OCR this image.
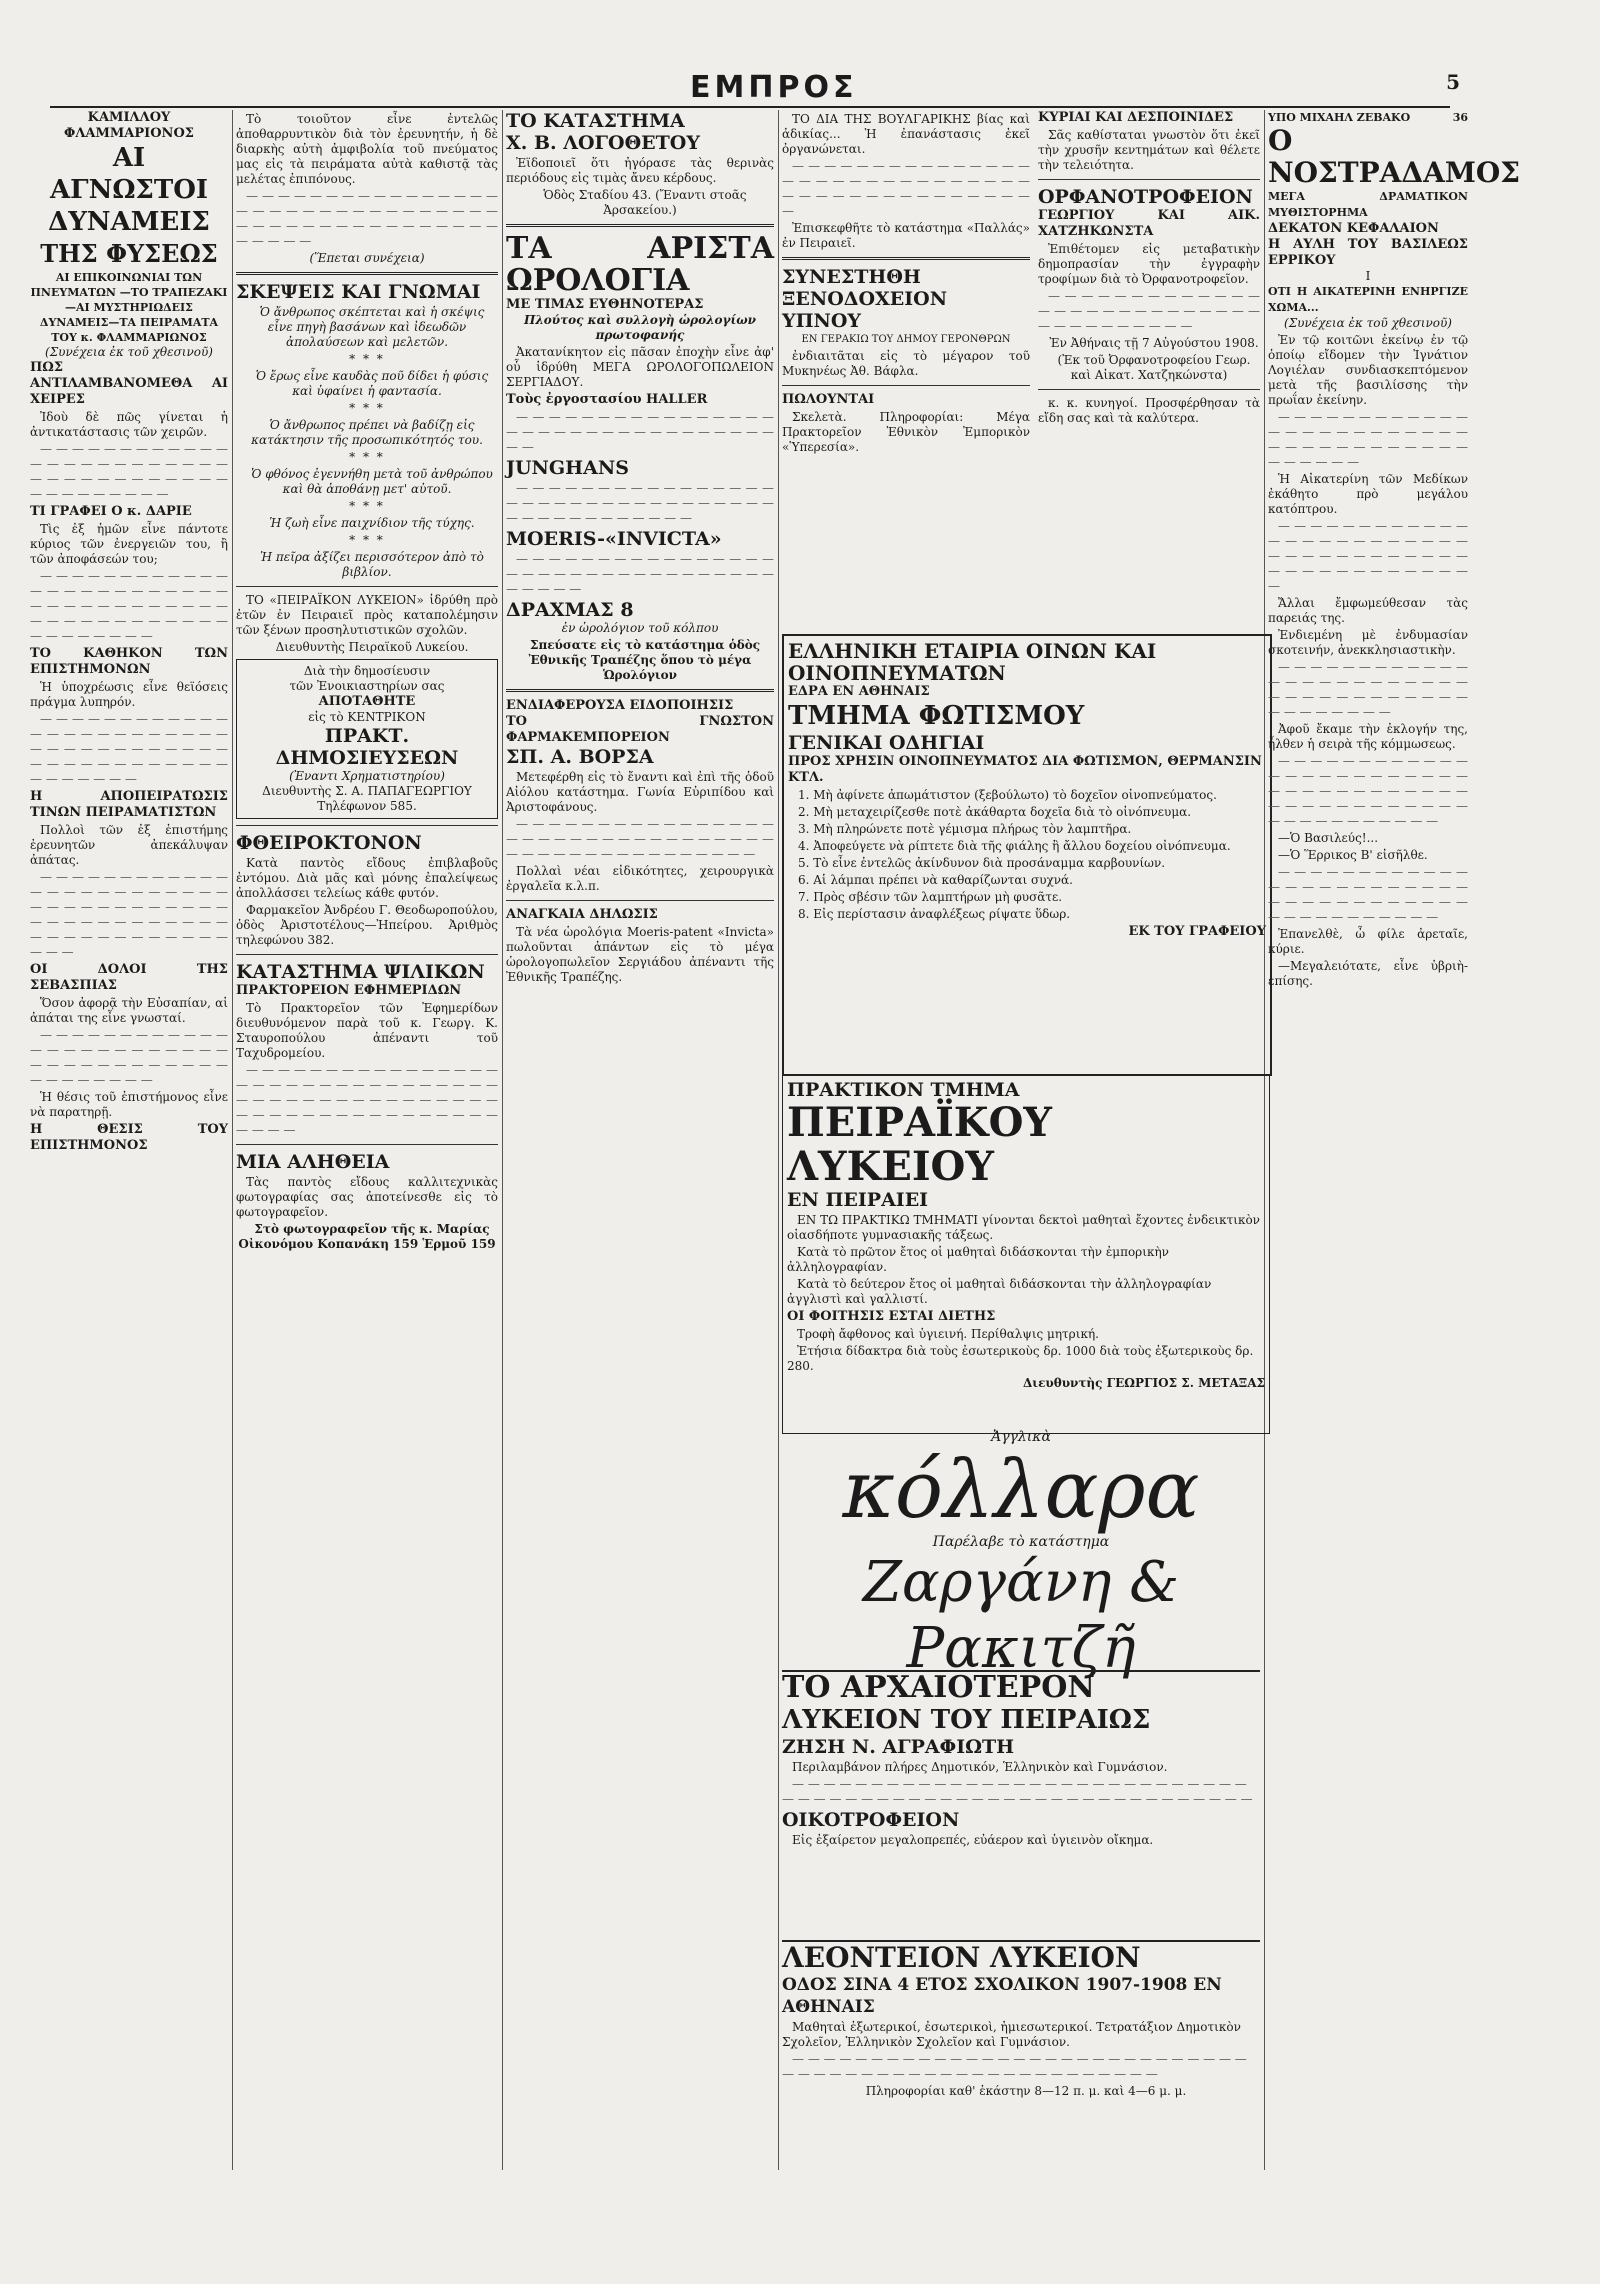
ΕΜΠΡΟΣ	5
ΚΑΜΙΛΛΟΥ ΦΛΑΜΜΑΡΙΟΝΟΣ
ΑΙ ΑΓΝΩΣΤΟΙ ΔΥΝΑΜΕΙΣ
ΤΗΣ ΦΥΣΕΩΣ
ΑΙ ΕΠΙΚΟΙΝΩΝΙΑΙ ΤΩΝ ΠΝΕΥΜΑΤΩΝ —ΤΟ ΤΡΑΠΕΖΑΚΙ—ΑΙ ΜΥΣΤΗΡΙΩΔΕΙΣ ΔΥΝΑΜΕΙΣ—ΤΑ ΠΕΙΡΑΜΑΤΑ ΤΟΥ κ. ΦΛΑΜΜΑΡΙΩΝΟΣ
(Συνέχεια ἐκ τοῦ χθεσινοῦ)
ΠΩΣ ΑΝΤΙΛΑΜΒΑΝΟΜΕΘΑ ΑΙ ΧΕΙΡΕΣ

Ἰδοὺ δὲ πῶς γίνεται ἡ ἀντικατάστασις τῶν χειρῶν.

— — — — — — — — — — — — — — — — — — — — — — — — — — — — — — — — — — — — — — — — — — — — —

ΤΙ ΓΡΑΦΕΙ Ο κ. ΔΑΡΙΕ

Τὶς ἐξ ἡμῶν εἶνε πάντοτε κύριος τῶν ἐνεργειῶν του, ἢ τῶν ἀποφάσεών του;

— — — — — — — — — — — — — — — — — — — — — — — — — — — — — — — — — — — — — — — — — — — — — — — — — — — — — — — —

ΤΟ ΚΑΘΗΚΟΝ ΤΩΝ ΕΠΙΣΤΗΜΟΝΩΝ

Ἡ ὑποχρέωσις εἶνε θεϊόσεις πράγμα λυπηρόν.

— — — — — — — — — — — — — — — — — — — — — — — — — — — — — — — — — — — — — — — — — — — — — — — — — — — — — — —

Η ΑΠΟΠΕΙΡΑΤΩΣΙΣ ΤΙΝΩΝ ΠΕΙΡΑΜΑΤΙΣΤΩΝ

Πολλοὶ τῶν ἐξ ἐπιστήμης ἐρευνητῶν ἀπεκάλυψαν ἀπάτας.

— — — — — — — — — — — — — — — — — — — — — — — — — — — — — — — — — — — — — — — — — — — — — — — — — — — — — — — — — — — — — — —

ΟΙ ΔΟΛΟΙ ΤΗΣ ΣΕΒΑΣΠΙΑΣ

Ὅσον ἀφορᾷ τὴν Εὐσαπίαν, αἱ ἀπάται της εἶνε γνωσταί.

— — — — — — — — — — — — — — — — — — — — — — — — — — — — — — — — — — — — — — — — — — — —

Ἡ θέσις τοῦ ἐπιστήμονος εἶνε νὰ παρατηρῇ.

Η ΘΕΣΙΣ ΤΟΥ ΕΠΙΣΤΗΜΟΝΟΣ

Τὸ τοιοῦτον εἶνε ἐντελῶς ἀποθαρρυντικὸν διὰ τὸν ἐρευνητήν, ἡ δὲ διαρκὴς αὐτὴ ἀμφιβολία τοῦ πνεύματος μας εἰς τὰ πειράματα αὐτὰ καθιστᾷ τὰς μελέτας ἐπιπόνους.

— — — — — — — — — — — — — — — — — — — — — — — — — — — — — — — — — — — — — — — — — — — — — — — — — — — — —

(Ἕπεται συνέχεια)
ΣΚΕΨΕΙΣ ΚΑΙ ΓΝΩΜΑΙ

Ὁ ἄνθρωπος σκέπτεται καὶ ἡ σκέψις εἶνε πηγὴ βασάνων καὶ ἰδεωδῶν ἀπολαύσεων καὶ μελετῶν.

* * *

Ὁ ἔρως εἶνε καυδὰς ποῦ δίδει ἡ φύσις καὶ ὑφαίνει ἡ φαντασία.

* * *

Ὁ ἄνθρωπος πρέπει νὰ βαδίζῃ εἰς κατάκτησιν τῆς προσωπικότητός του.

* * *

Ὁ φθόνος ἐγεννήθη μετὰ τοῦ ἀνθρώπου καὶ θὰ ἀποθάνῃ μετ' αὐτοῦ.

* * *

Ἡ ζωὴ εἶνε παιχνίδιον τῆς τύχης.

* * *

Ἡ πεῖρα ἀξίζει περισσότερον ἀπὸ τὸ βιβλίον.

ΤΟ «ΠΕΙΡΑΪΚΟΝ ΛΥΚΕΙΟΝ» ἱδρύθη πρὸ ἐτῶν ἐν Πειραιεῖ πρὸς καταπολέμησιν τῶν ξένων προσηλυτιστικῶν σχολῶν.

Διευθυντὴς Πειραϊκοῦ Λυκείου.

Διὰ τὴν δημοσίευσιν
τῶν Ἐνοικιαστηρίων σας
ΑΠΟΤΑΘΗΤΕ
εἰς τὸ ΚΕΝΤΡΙΚΟΝ
ΠΡΑΚΤ. ΔΗΜΟΣΙΕΥΣΕΩΝ
(Ἐναντι Χρηματιστηρίου)
Διευθυντὴς Σ. Α. ΠΑΠΑΓΕΩΡΓΙΟΥ
Τηλέφωνον 585.
ΦΘΕΙΡΟΚΤΟΝΟΝ

Κατὰ παντὸς εἴδους ἐπιβλαβοῦς ἐντόμου. Διὰ μᾶς καὶ μόνης ἐπαλείψεως ἀπολλάσσει τελείως κάθε φυτόν.

Φαρμακεῖον Ἀνδρέου Γ. Θεοδωροπούλου, ὁδὸς Ἀριστοτέλους—Ἠπείρου. Ἀριθμὸς τηλεφώνου 382.

ΚΑΤΑΣΤΗΜΑ ΨΙΛΙΚΩΝ
ΠΡΑΚΤΟΡΕΙΟΝ ΕΦΗΜΕΡΙΔΩΝ

Τὸ Πρακτορεῖον τῶν Ἐφημερίδων διευθυνόμενον παρὰ τοῦ κ. Γεωργ. Κ. Σταυροπούλου ἀπέναντι τοῦ Ταχυδρομείου.

— — — — — — — — — — — — — — — — — — — — — — — — — — — — — — — — — — — — — — — — — — — — — — — — — — — — — — — — — — — — — — — — — — — —

ΜΙΑ ΑΛΗΘΕΙΑ

Τὰς παντὸς εἴδους καλλιτεχνικὰς φωτογραφίας σας ἀποτείνεσθε εἰς τὸ φωτογραφεῖον.

Στὸ φωτογραφεῖον τῆς κ. Μαρίας Οἰκονόμου Κοπανάκη 159 Ἑρμοῦ 159

ΤΟ ΚΑΤΑΣΤΗΜΑ
Χ. Β. ΛΟΓΟΘΕΤΟΥ

Ἐϊδοποιεῖ ὅτι ἠγόρασε τὰς θερινὰς περιόδους εἰς τιμὰς ἄνευ κέρδους.

Ὁδὸς Σταδίου 43. (Ἔναντι στοᾶς Ἀρσακείου.)

ΤΑ ΑΡΙΣΤΑ ΩΡΟΛΟΓΙΑ
ΜΕ ΤΙΜΑΣ ΕΥΘΗΝΟΤΕΡΑΣ
Πλούτος καὶ συλλογὴ ὡρολογίων πρωτοφανής

Ἀκατανίκητον εἰς πᾶσαν ἐποχὴν εἶνε ἀφ' οὗ ἱδρύθη ΜΕΓΑ ΩΡΟΛΟΓΟΠΩΛΕΙΟΝ ΣΕΡΓΙΑΔΟΥ.

Τοὺς ἐργοστασίου HALLER

— — — — — — — — — — — — — — — — — — — — — — — — — — — — — — — — — — —

JUNGHANS

— — — — — — — — — — — — — — — — — — — — — — — — — — — — — — — — — — — — — — — — — — — — —

MOERIS-«INVICTA»

— — — — — — — — — — — — — — — — — — — — — — — — — — — — — — — — — — — — — —

ΔΡΑΧΜΑΣ 8
ἐν ὡρολόγιον τοῦ κόλπου

Σπεύσατε εἰς τὸ κατάστημα ὁδὸς Ἐθνικῆς Τραπέζης ὅπου τὸ μέγα Ὡρολόγιον

ΕΝΔΙΑΦΕΡΟΥΣΑ ΕΙΔΟΠΟΙΗΣΙΣ
ΤΟ ΓΝΩΣΤΟΝ ΦΑΡΜΑΚΕΜΠΟΡΕΙΟΝ
ΣΠ. Α. ΒΟΡΣΑ

Μετεφέρθη εἰς τὸ ἔναντι καὶ ἐπὶ τῆς ὁδοῦ Αἰόλου κατάστημα. Γωνία Εὐριπίδου καὶ Ἀριστοφάνους.

— — — — — — — — — — — — — — — — — — — — — — — — — — — — — — — — — — — — — — — — — — — — — — — — —

Πολλαὶ νέαι εἰδικότητες, χειρουργικὰ ἐργαλεῖα κ.λ.π.

ΑΝΑΓΚΑΙΑ ΔΗΛΩΣΙΣ

Τὰ νέα ὡρολόγια Moeris-patent «Invicta» πωλοῦνται ἀπάντων εἰς τὸ μέγα ὡρολογοπωλεῖον Σεργιάδου ἀπέναντι τῆς Ἐθνικῆς Τραπέζης.

ΤΟ ΔΙΑ ΤΗΣ ΒΟΥΛΓΑΡΙΚΗΣ βίας καὶ ἀδικίας... Ἡ ἐπανάστασις ἐκεῖ ὀργανώνεται.

— — — — — — — — — — — — — — — — — — — — — — — — — — — — — — — — — — — — — — — — — — — — — —

Ἐπισκεφθῆτε τὸ κατάστημα «Παλλάς» ἐν Πειραιεῖ.

ΣΥΝΕΣΤΗΘΗ
ΞΕΝΟΔΟΧΕΙΟΝ ΥΠΝΟΥ
ΕΝ ΓΕΡΑΚΙΩ ΤΟΥ ΔΗΜΟΥ ΓΕΡΟΝΘΡΩΝ

ἐνδιαιτᾶται εἰς τὸ μέγαρον τοῦ Μυκηνέως Ἀθ. Βάφλα.

ΠΩΛΟΥΝΤΑΙ

Σκελετὰ. Πληροφορίαι: Μέγα Πρακτορεῖον Ἐθνικὸν Ἐμπορικὸν «Ὑπερεσία».

ΚΥΡΙΑΙ ΚΑΙ ΔΕΣΠΟΙΝΙΔΕΣ

Σᾶς καθίσταται γνωστὸν ὅτι ἐκεῖ τὴν χρυσῆν κεντημάτων καὶ θέλετε τὴν τελειότητα.

ΟΡΦΑΝΟΤΡΟΦΕΙΟΝ
ΓΕΩΡΓΙΟΥ ΚΑΙ ΑΙΚ. ΧΑΤΖΗΚΩΝΣΤΑ

Ἐπιθέτομεν εἰς μεταβατικὴν δημοπρασίαν τὴν ἐγγραφὴν τροφίμων διὰ τὸ Ὀρφανοτροφεῖον.

— — — — — — — — — — — — — — — — — — — — — — — — — — — — — — — — — — — — —

Ἐν Ἀθήναις τῇ 7 Αὐγούστου 1908.

(Ἐκ τοῦ Ὀρφανοτροφείου Γεωρ. καὶ Αἰκατ. Χατζηκώνστα)

κ. κ. κυνηγοί. Προσφέρθησαν τὰ εἴδη σας καὶ τὰ καλύτερα.

ΕΛΛΗΝΙΚΗ ΕΤΑΙΡΙΑ ΟΙΝΩΝ ΚΑΙ ΟΙΝΟΠΝΕΥΜΑΤΩΝ
ΕΔΡΑ ΕΝ ΑΘΗΝΑΙΣ
ΤΜΗΜΑ ΦΩΤΙΣΜΟΥ
ΓΕΝΙΚΑΙ ΟΔΗΓΙΑΙ
ΠΡΟΣ ΧΡΗΣΙΝ ΟΙΝΟΠΝΕΥΜΑΤΟΣ ΔΙΑ ΦΩΤΙΣΜΟΝ, ΘΕΡΜΑΝΣΙΝ ΚΤΛ.

1. Μὴ ἀφίνετε ἀπωμάτιστον (ξεβούλωτο) τὸ δοχεῖον οἰνοπνεύματος.

2. Μὴ μεταχειρίζεσθε ποτὲ ἀκάθαρτα δοχεῖα διὰ τὸ οἰνόπνευμα.

3. Μὴ πληρώνετε ποτὲ γέμισμα πλήρως τὸν λαμπτῆρα.

4. Ἀποφεύγετε νὰ ρίπτετε διὰ τῆς φιάλης ἢ ἄλλου δοχείου οἰνόπνευμα.

5. Τὸ εἶνε ἐντελῶς ἀκίνδυνον διὰ προσάναμμα καρβουνίων.

6. Αἱ λάμπαι πρέπει νὰ καθαρίζωνται συχνά.

7. Πρὸς σβέσιν τῶν λαμπτήρων μὴ φυσᾶτε.

8. Εἰς περίστασιν ἀναφλέξεως ρίψατε ὕδωρ.

ΕΚ ΤΟΥ ΓΡΑΦΕΙΟΥ
ΠΡΑΚΤΙΚΟΝ ΤΜΗΜΑ
ΠΕΙΡΑΪΚΟΥ ΛΥΚΕΙΟΥ
ΕΝ ΠΕΙΡΑΙΕΙ

ΕΝ ΤΩ ΠΡΑΚΤΙΚΩ ΤΜΗΜΑΤΙ γίνονται δεκτοὶ μαθηταὶ ἔχοντες ἐνδεικτικὸν οἱασδήποτε γυμνασιακῆς τάξεως.

Κατὰ τὸ πρῶτον ἔτος οἱ μαθηταὶ διδάσκονται τὴν ἐμπορικὴν ἀλληλογραφίαν.

Κατὰ τὸ δεύτερον ἔτος οἱ μαθηταὶ διδάσκονται τὴν ἀλληλογραφίαν ἀγγλιστὶ καὶ γαλλιστί.

ΟΙ ΦΟΙΤΗΣΙΣ ΕΣΤΑΙ ΔΙΕΤΗΣ

Τροφὴ ἄφθονος καὶ ὑγιεινή. Περίθαλψις μητρική.

Ἐτήσια δίδακτρα διὰ τοὺς ἐσωτερικοὺς δρ. 1000 διὰ τοὺς ἐξωτερικοὺς δρ. 280.

Διευθυντὴς ΓΕΩΡΓΙΟΣ Σ. ΜΕΤΑΞΑΣ
Ἀγγλικὰ
κόλλαρα
Παρέλαβε τὸ κατάστημα
Ζαργάνη & Ρακιτζῆ
ΤΟ ΑΡΧΑΙΟΤΕΡΟΝ
ΛΥΚΕΙΟΝ ΤΟΥ ΠΕΙΡΑΙΩΣ
ΖΗΣΗ Ν. ΑΓΡΑΦΙΩΤΗ

Περιλαμβάνον πλήρες Δημοτικόν, Ἑλληνικὸν καὶ Γυμνάσιον.

— — — — — — — — — — — — — — — — — — — — — — — — — — — — — — — — — — — — — — — — — — — — — — — — — — — — — — — — — — —

ΟΙΚΟΤΡΟΦΕΙΟΝ

Εἰς ἐξαίρετον μεγαλοπρεπές, εὐάερον καὶ ὑγιεινὸν οἴκημα.

ΛΕΟΝΤΕΙΟΝ ΛΥΚΕΙΟΝ
ΟΔΟΣ ΣΙΝΑ 4 ΕΤΟΣ ΣΧΟΛΙΚΟΝ 1907-1908 ΕΝ ΑΘΗΝΑΙΣ

Μαθηταὶ ἐξωτερικοί, ἐσωτερικοὶ, ἡμιεσωτερικοί. Τετρατάξιον Δημοτικὸν Σχολεῖον, Ἑλληνικὸν Σχολεῖον καὶ Γυμνάσιον.

— — — — — — — — — — — — — — — — — — — — — — — — — — — — — — — — — — — — — — — — — — — — — — — — — — — — —

Πληροφορίαι καθ' ἑκάστην 8—12 π. μ. καὶ 4—6 μ. μ.

ΥΠΟ ΜΙΧΑΗΛ ΖΕΒΑΚΟ	36
Ο ΝΟΣΤΡΑΔΑΜΟΣ
ΜΕΓΑ ΔΡΑΜΑΤΙΚΟΝ ΜΥΘΙΣΤΟΡΗΜΑ
ΔΕΚΑΤΟΝ ΚΕΦΑΛΑΙΟΝ
Η ΑΥΛΗ ΤΟΥ ΒΑΣΙΛΕΩΣ ΕΡΡΙΚΟΥ
I
ΟΤΙ Η ΑΙΚΑΤΕΡΙΝΗ ΕΝΗΡΓΙΖΕ ΧΩΜΑ...
(Συνέχεια ἐκ τοῦ χθεσινοῦ)

Ἐν τῷ κοιτῶνι ἐκείνῳ ἐν τῷ ὁποίῳ εἴδομεν τὴν Ἰγνάτιον Λογιέλαν συνδιασκεπτόμενον μετὰ τῆς βασιλίσσης τὴν πρωΐαν ἐκείνην.

— — — — — — — — — — — — — — — — — — — — — — — — — — — — — — — — — — — — — — — — — —

Ἡ Αἰκατερίνη τῶν Μεδίκων ἐκάθητο πρὸ μεγάλου κατόπτρου.

— — — — — — — — — — — — — — — — — — — — — — — — — — — — — — — — — — — — — — — — — — — — — — — — —

Ἄλλαι ἔμφωμεύθεσαν τὰς παρειάς της.

Ἐνδιεμένη μὲ ἐνδυμασίαν σκοτεινήν, ἀνεκκλησιαστικὴν.

— — — — — — — — — — — — — — — — — — — — — — — — — — — — — — — — — — — — — — — — — — — —

Ἀφοῦ ἔκαμε τὴν ἐκλογήν της, ἦλθεν ἡ σειρὰ τῆς κόμμωσεως.

— — — — — — — — — — — — — — — — — — — — — — — — — — — — — — — — — — — — — — — — — — — — — — — — — — — — — — — — — — —

—Ὁ Βασιλεύς!...

—Ὁ Ἕρρικος Β' εἰσῆλθε.

— — — — — — — — — — — — — — — — — — — — — — — — — — — — — — — — — — — — — — — — — — — — — — —

Ἐπανελθὲ, ὦ φίλε ἀρεταῖε, κύριε.

—Μεγαλειότατε, εἶνε ὑβριὴ-ἐπίσης.
